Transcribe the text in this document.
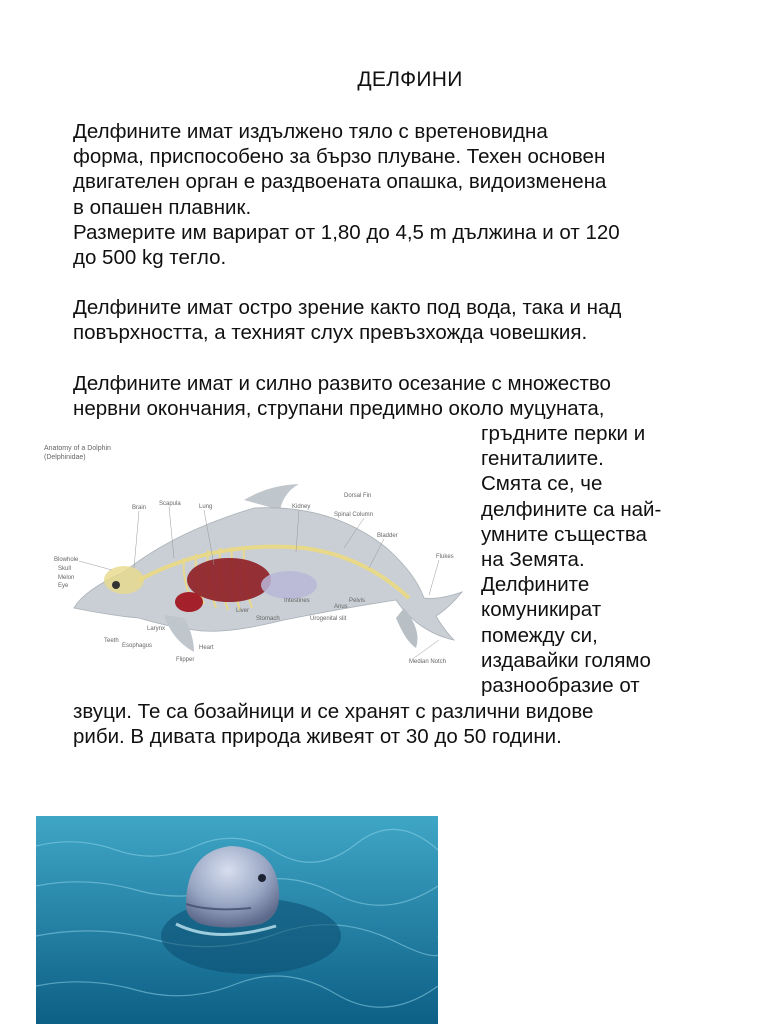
ДЕЛФИНИ
Делфините имат издължено тяло с вретеновидна
форма, приспособено за бързо плуване. Техен основен
двигателен орган е раздвоената опашка, видоизменена
в опашен плавник.
Размерите им варират от 1,80 до 4,5 m дължина и от 120
до 500 kg тегло.
Делфините имат остро зрение както под вода, така и над
повърхността, а техният слух превъзхожда човешкия.
Делфините имат и силно развито осезание с множество
нервни окончания, струпани предимно около муцуната,
гръдните перки и
гениталиите.
Смята се, че
делфините са най-
умните същества
на Земята.
Делфините
комуникират
помежду си,
издавайки голямо
разнообразие от
звуци. Те са бозайници и се хранят с различни видове
риби. В дивата природа живеят от 30 до 50 години.
Anatomy of a Dolphin
(Delphinidae)
Brain
Scapula	Lung	Kidney
Dorsal Fin
Spinal Column
Bladder
Flukes
Blowhole
Skull
Melon
Eye
Liver
Stomach
Intestines
Anus
Pelvis
Urogenital slit
Larynx
Teeth
Esophagus
Flipper
Heart
Median Notch
